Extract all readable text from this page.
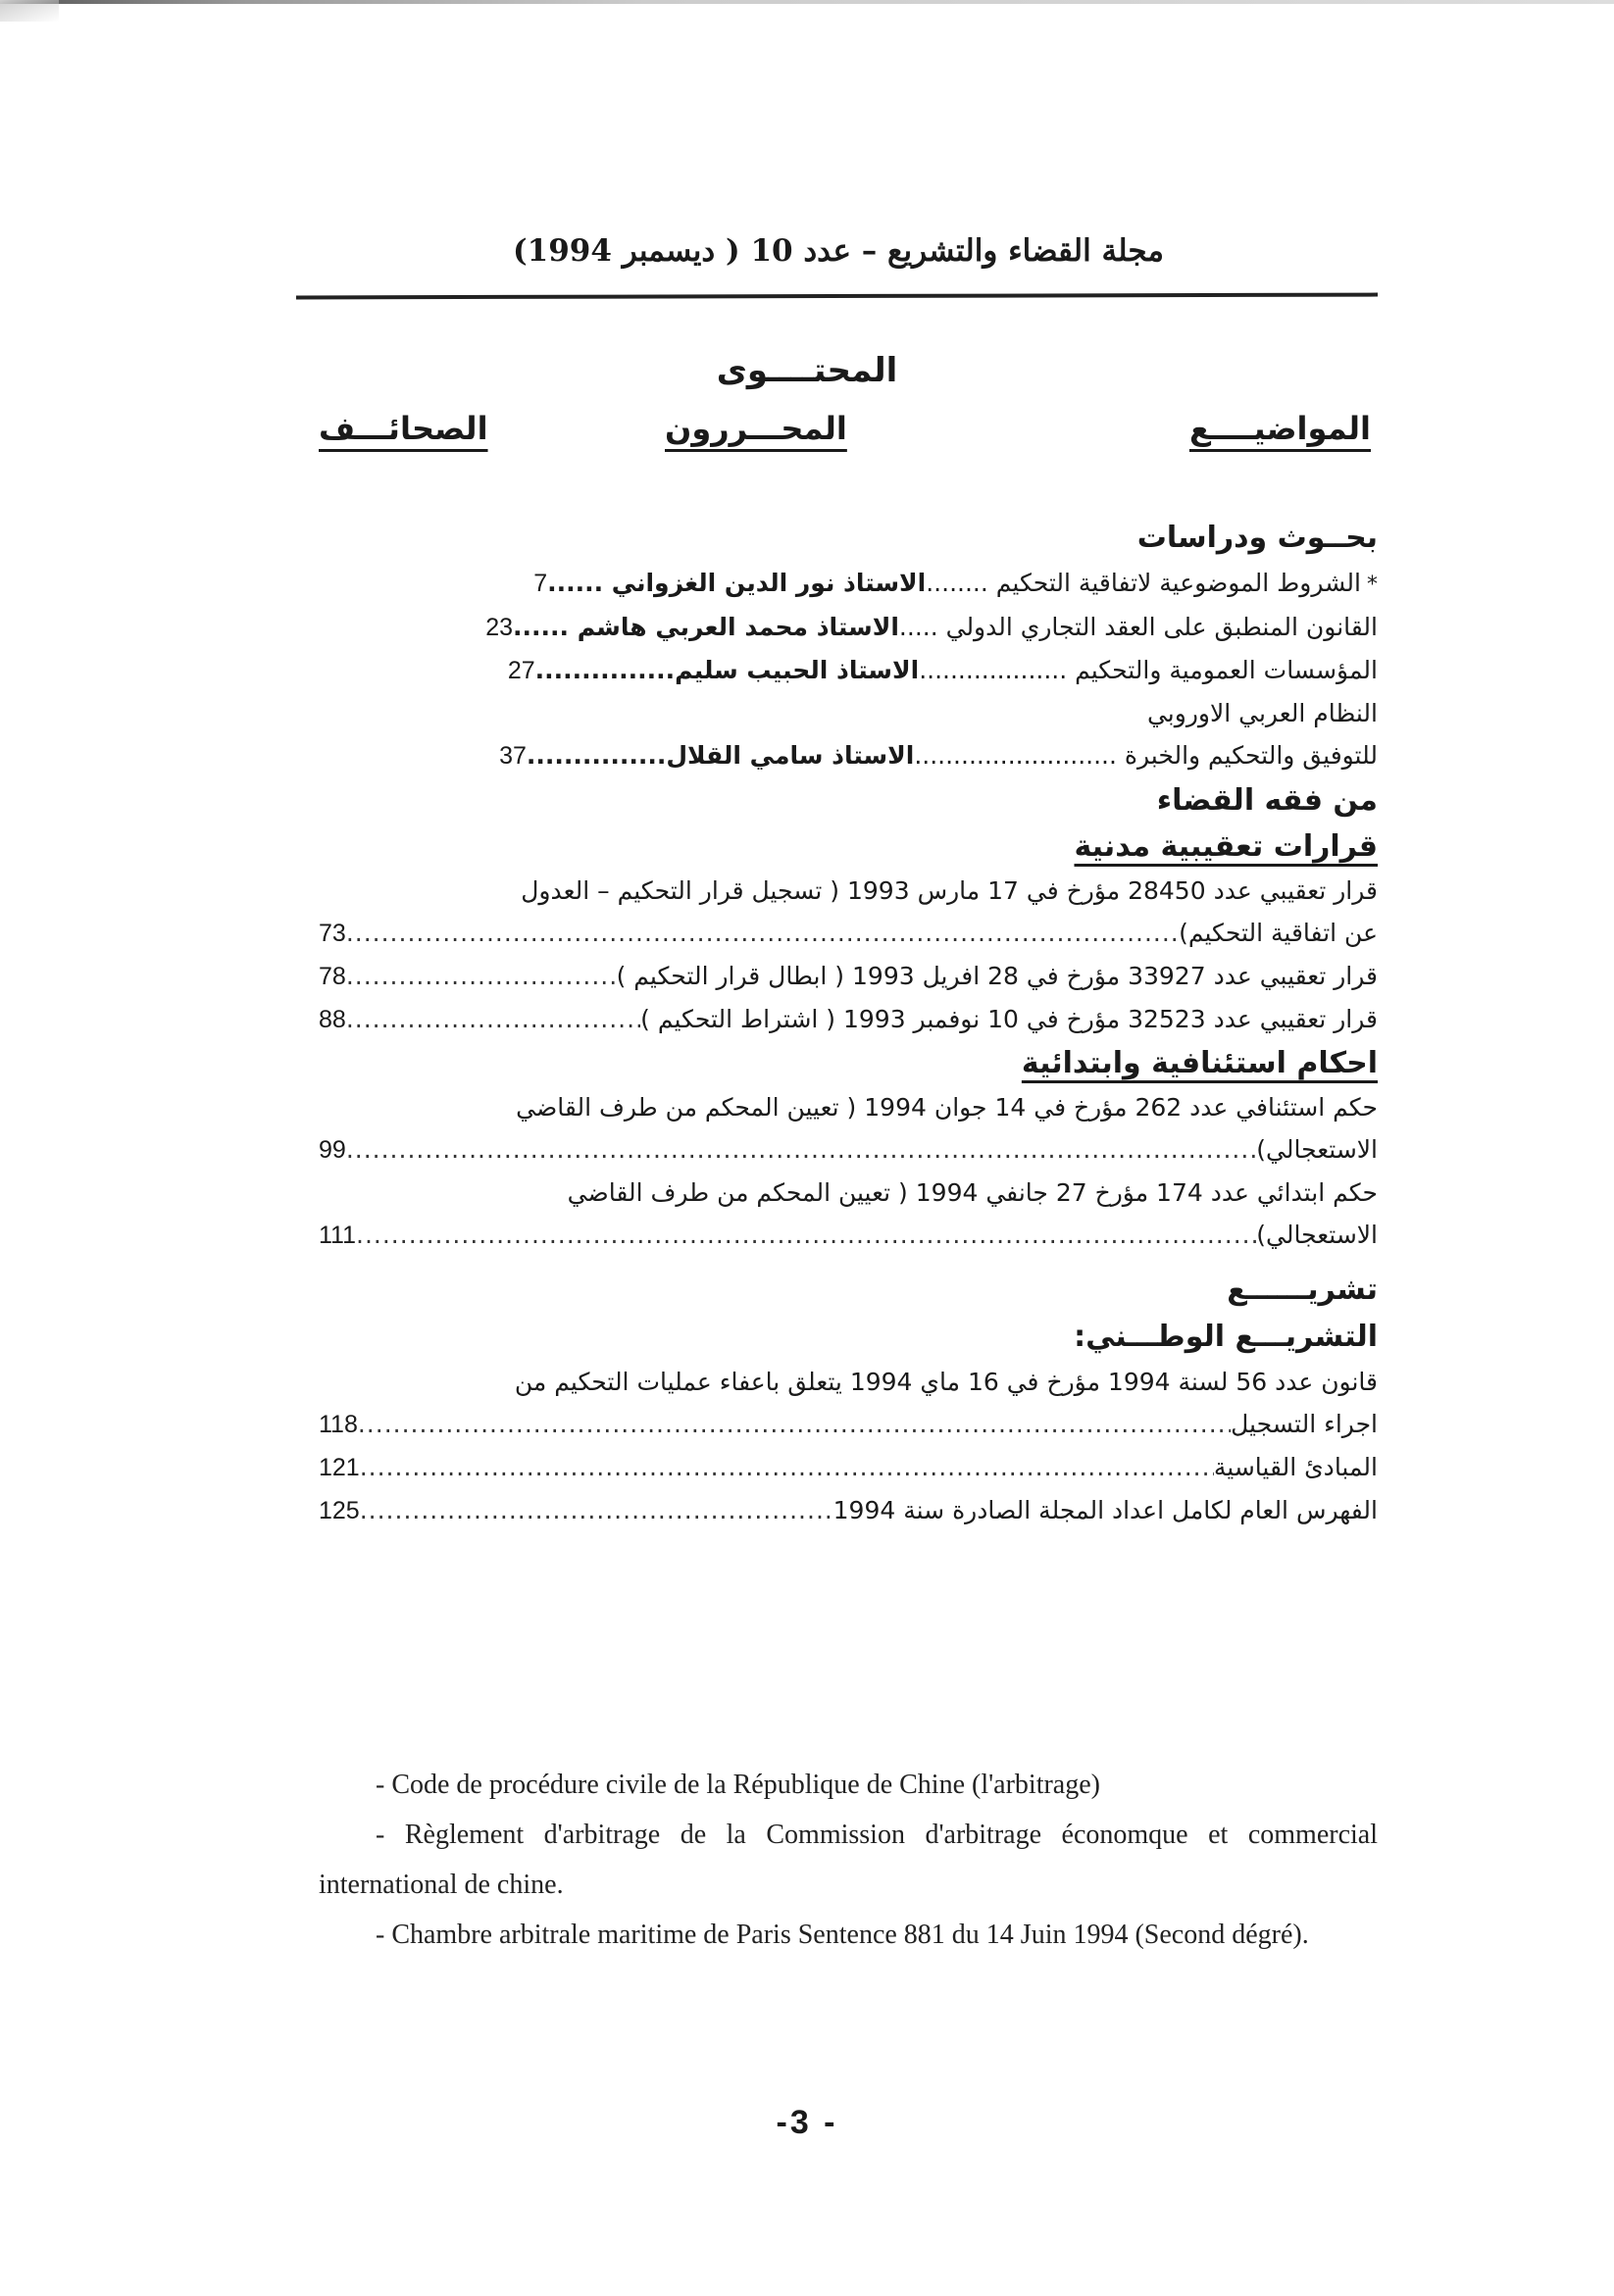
مجلة القضاء والتشريع – عدد 10 ( ديسمبر 1994)
المحتــــوى
المواضيــــع
المحـــررون
الصحائـــف
بحــوث ودراسات
*
الشروط الموضوعية لاتفاقية التحكيم ........
الاستاذ نور الدين الغزواني ......
7
القانون المنطبق على العقد التجاري الدولي .....
الاستاذ محمد العربي هاشم ......
23
المؤسسات العمومية والتحكيم ...................
الاستاذ الحبيب سليم...............
27
النظام العربي الاوروبي
للتوفيق والتحكيم والخبرة ..........................
الاستاذ سامي القلال...............
37
من فقه القضاء
قرارات تعقيبية مدنية
قرار تعقيبي عدد 28450 مؤرخ في 17 مارس 1993 ( تسجيل قرار التحكيم – العدول
عن اتفاقية التحكيم)
.....
73
قرار تعقيبي عدد 33927 مؤرخ في 28 افريل 1993 ( ابطال قرار التحكيم )
.....
78
قرار تعقيبي عدد 32523 مؤرخ في 10 نوفمبر 1993 ( اشتراط التحكيم )
.....
88
احكام استئنافية وابتدائية
حكم استئنافي عدد 262 مؤرخ في 14 جوان 1994 ( تعيين المحكم من طرف القاضي
الاستعجالي)
.....
99
حكم ابتدائي عدد 174 مؤرخ 27 جانفي 1994 ( تعيين المحكم من طرف القاضي
الاستعجالي)
.....
111
تشريــــــع
التشريـــع الوطـــني:
قانون عدد 56 لسنة 1994 مؤرخ في 16 ماي 1994 يتعلق باعفاء عمليات التحكيم من
اجراء التسجيل
.....
118
المبادئ القياسية
.....
121
الفهرس العام لكامل اعداد المجلة الصادرة سنة 1994
.....
125

- Code de procédure civile de la République de Chine (l'arbitrage)

- Règlement d'arbitrage de la Commission d'arbitrage économque et commercial international de chine.

- Chambre arbitrale maritime de Paris Sentence 881 du 14 Juin 1994 (Second dégré).

-3 -
